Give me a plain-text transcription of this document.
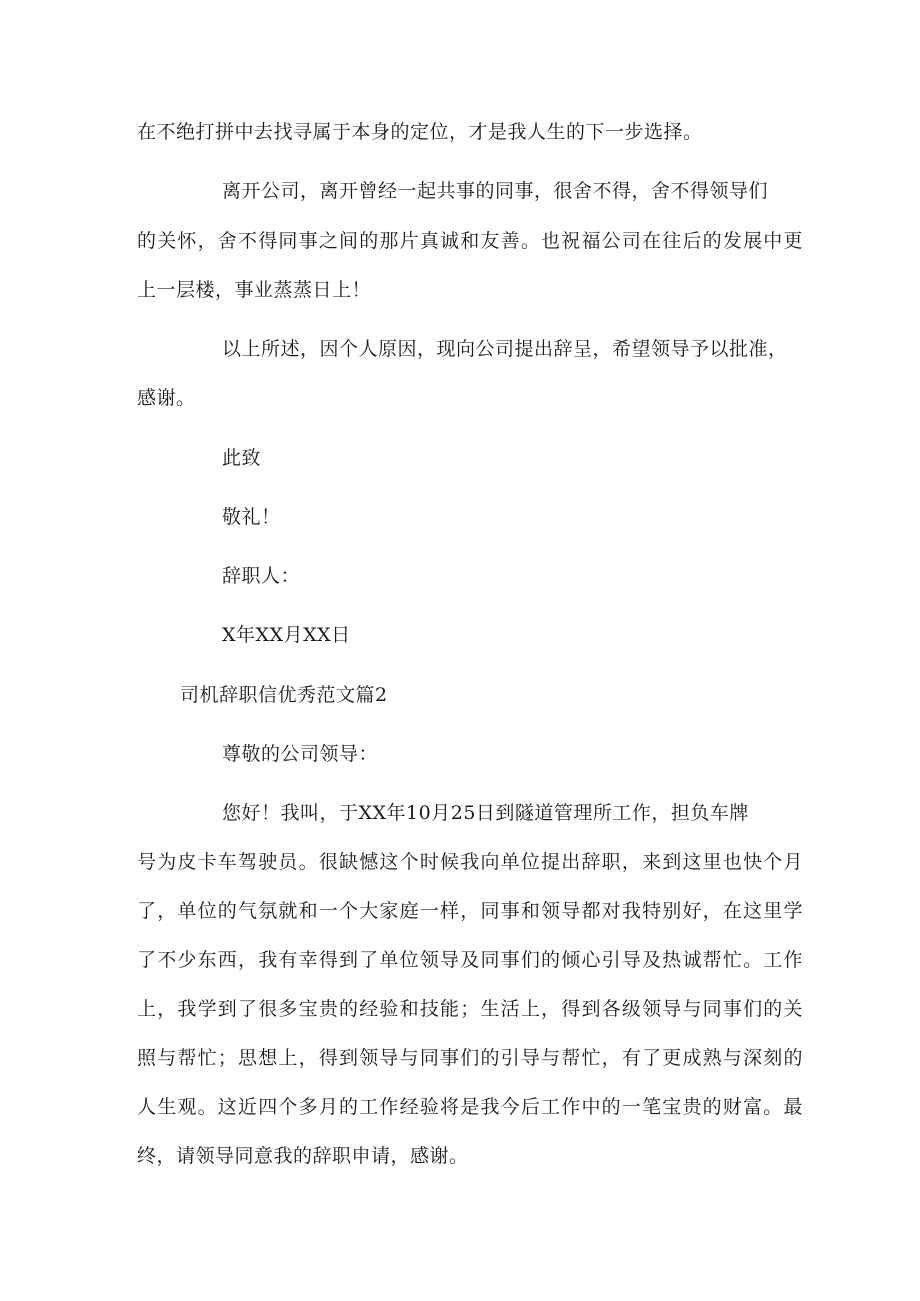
在不绝打拼中去找寻属于本身的定位，才是我人生的下一步选择。

离开公司，离开曾经一起共事的同事，很舍不得，舍不得领导们

的关怀，舍不得同事之间的那片真诚和友善。也祝福公司在往后的发展中更

上一层楼，事业蒸蒸日上！

以上所述，因个人原因，现向公司提出辞呈，希望领导予以批准，

感谢。

此致

敬礼！

辞职人：

X年XX月XX日

司机辞职信优秀范文篇2

尊敬的公司领导：

您好！我叫，于XX年10月25日到隧道管理所工作，担负车牌

号为皮卡车驾驶员。很缺憾这个时候我向单位提出辞职，来到这里也快个月

了，单位的气氛就和一个大家庭一样，同事和领导都对我特别好，在这里学

了不少东西，我有幸得到了单位领导及同事们的倾心引导及热诚帮忙。工作

上，我学到了很多宝贵的经验和技能；生活上，得到各级领导与同事们的关

照与帮忙；思想上，得到领导与同事们的引导与帮忙，有了更成熟与深刻的

人生观。这近四个多月的工作经验将是我今后工作中的一笔宝贵的财富。最

终，请领导同意我的辞职申请，感谢。
